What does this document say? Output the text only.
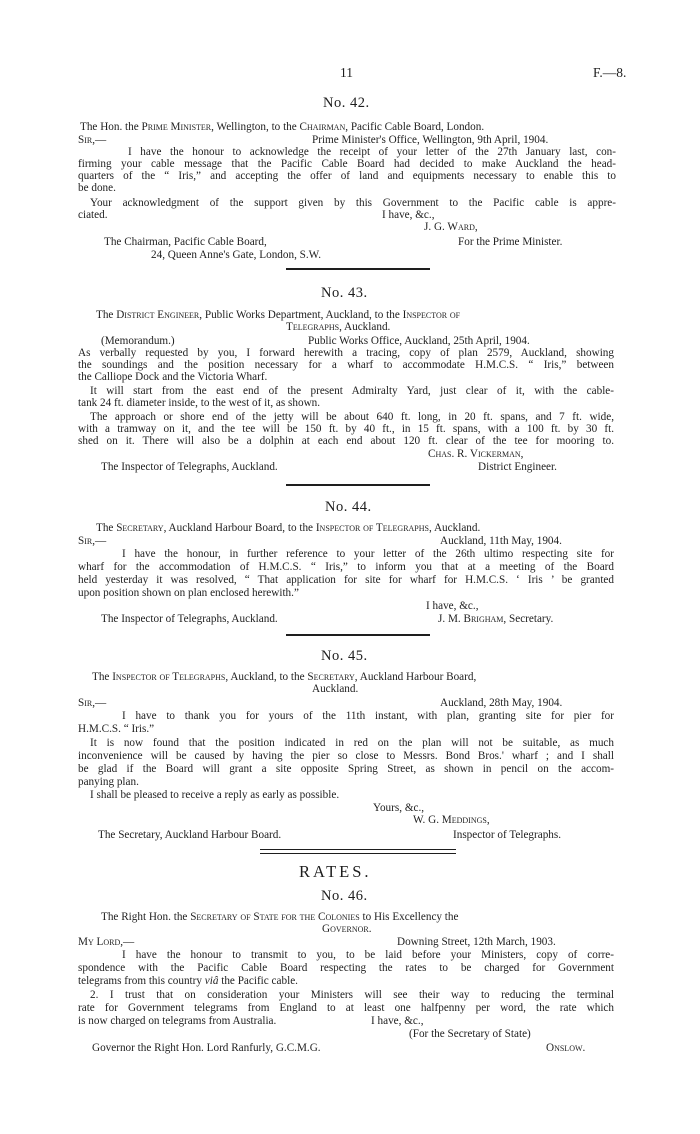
11	F.—8.
No. 42.
The Hon. the Prime Minister, Wellington, to the Chairman, Pacific Cable Board, London.
Sir,—	Prime Minister's Office, Wellington, 9th April, 1904.
I have the honour to acknowledge the receipt of your letter of the 27th January last, con-
firming your cable message that the Pacific Cable Board had decided to make Auckland the head-
quarters of the “ Iris,” and accepting the offer of land and equipments necessary to enable this to
be done.
Your acknowledgment of the support given by this Government to the Pacific cable is appre-
ciated.	I have, &c.,
J. G. Ward,
The Chairman, Pacific Cable Board,	For the Prime Minister.
24, Queen Anne's Gate, London, S.W.
No. 43.
The District Engineer, Public Works Department, Auckland, to the Inspector of
Telegraphs, Auckland.
(Memorandum.)	Public Works Office, Auckland, 25th April, 1904.
As verbally requested by you, I forward herewith a tracing, copy of plan 2579, Auckland, showing
the soundings and the position necessary for a wharf to accommodate H.M.C.S. “ Iris,” between
the Calliope Dock and the Victoria Wharf.
It will start from the east end of the present Admiralty Yard, just clear of it, with the cable-
tank 24 ft. diameter inside, to the west of it, as shown.
The approach or shore end of the jetty will be about 640 ft. long, in 20 ft. spans, and 7 ft. wide,
with a tramway on it, and the tee will be 150 ft. by 40 ft., in 15 ft. spans, with a 100 ft. by 30 ft.
shed on it. There will also be a dolphin at each end about 120 ft. clear of the tee for mooring to.
Chas. R. Vickerman,
The Inspector of Telegraphs, Auckland.	District Engineer.
No. 44.
The Secretary, Auckland Harbour Board, to the Inspector of Telegraphs, Auckland.
Sir,—	Auckland, 11th May, 1904.
I have the honour, in further reference to your letter of the 26th ultimo respecting site for
wharf for the accommodation of H.M.C.S. “ Iris,” to inform you that at a meeting of the Board
held yesterday it was resolved, “ That application for site for wharf for H.M.C.S. ‘ Iris ’ be granted
upon position shown on plan enclosed herewith.”
I have, &c.,
The Inspector of Telegraphs, Auckland.	J. M. Brigham, Secretary.
No. 45.
The Inspector of Telegraphs, Auckland, to the Secretary, Auckland Harbour Board,
Auckland.
Sir,—	Auckland, 28th May, 1904.
I have to thank you for yours of the 11th instant, with plan, granting site for pier for
H.M.C.S. “ Iris.”
It is now found that the position indicated in red on the plan will not be suitable, as much
inconvenience will be caused by having the pier so close to Messrs. Bond Bros.' wharf ; and I shall
be glad if the Board will grant a site opposite Spring Street, as shown in pencil on the accom-
panying plan.
I shall be pleased to receive a reply as early as possible.
Yours, &c.,
W. G. Meddings,
The Secretary, Auckland Harbour Board.	Inspector of Telegraphs.
RATES.
No. 46.
The Right Hon. the Secretary of State for the Colonies to His Excellency the
Governor.
My Lord,—	Downing Street, 12th March, 1903.
I have the honour to transmit to you, to be laid before your Ministers, copy of corre-
spondence with the Pacific Cable Board respecting the rates to be charged for Government
telegrams from this country viâ the Pacific cable.
2. I trust that on consideration your Ministers will see their way to reducing the terminal
rate for Government telegrams from England to at least one halfpenny per word, the rate which
is now charged on telegrams from Australia.	I have, &c.,
(For the Secretary of State)
Governor the Right Hon. Lord Ranfurly, G.C.M.G.	Onslow.
